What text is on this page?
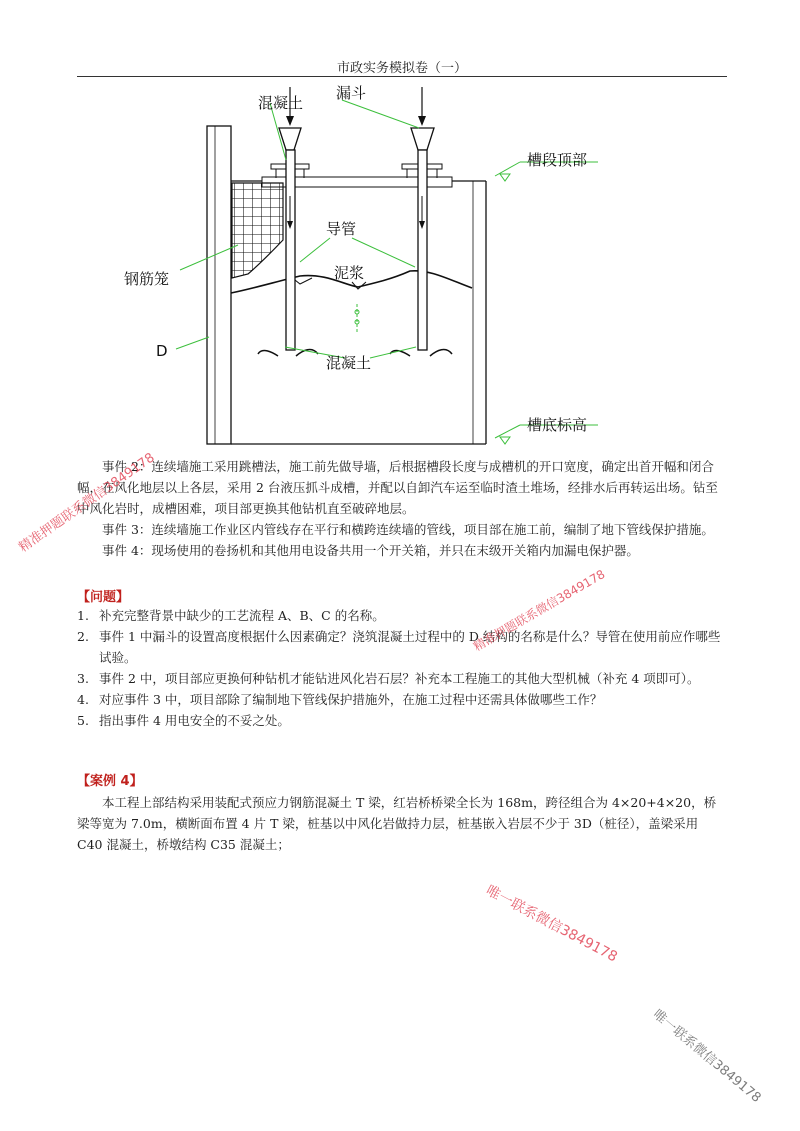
市政实务模拟卷（一）
混凝土
漏斗
槽段顶部
导管
钢筋笼	泥浆
D
混凝土
槽底标高

事件 2：连续墙施工采用跳槽法，施工前先做导墙，后根据槽段长度与成槽机的开口宽度，确定出首开幅和闭合幅，在风化地层以上各层，采用 2 台液压抓斗成槽，并配以自卸汽车运至临时渣土堆场，经排水后再转运出场。钻至中风化岩时，成槽困难，项目部更换其他钻机直至破碎地层。

事件 3：连续墙施工作业区内管线存在平行和横跨连续墙的管线，项目部在施工前，编制了地下管线保护措施。

事件 4：现场使用的卷扬机和其他用电设备共用一个开关箱，并只在末级开关箱内加漏电保护器。

【问题】
1. 补充完整背景中缺少的工艺流程 A、B、C 的名称。
2. 事件 1 中漏斗的设置高度根据什么因素确定？浇筑混凝土过程中的 D 结构的名称是什么？导管在使用前应作哪些试验。
3. 事件 2 中，项目部应更换何种钻机才能钻进风化岩石层？补充本工程施工的其他大型机械（补充 4 项即可）。
4. 对应事件 3 中，项目部除了编制地下管线保护措施外，在施工过程中还需具体做哪些工作？
5. 指出事件 4 用电安全的不妥之处。
【案例 4】

本工程上部结构采用装配式预应力钢筋混凝土 T 梁，红岩桥桥梁全长为 168m，跨径组合为 4×20+4×20，桥梁等宽为 7.0m，横断面布置 4 片 T 梁，桩基以中风化岩做持力层，桩基嵌入岩层不少于 3D（桩径），盖梁采用 C40 混凝土，桥墩结构 C35 混凝土；

精准押题联系微信3849178
精准押题联系微信3849178
唯一联系微信3849178
唯一联系微信3849178
